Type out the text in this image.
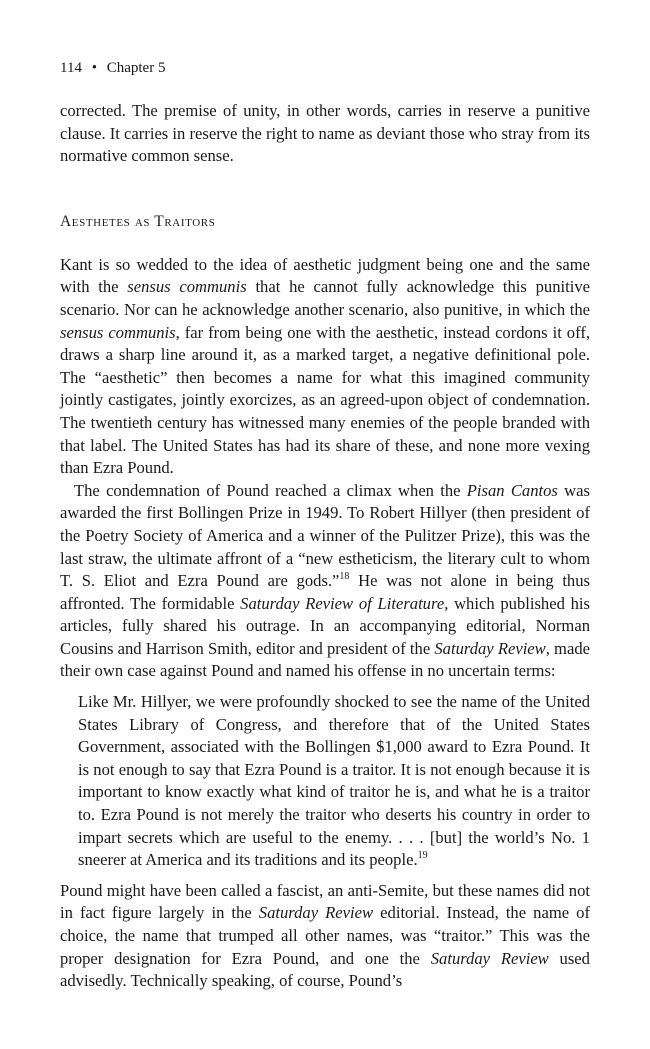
114 • Chapter 5

corrected. The premise of unity, in other words, carries in reserve a punitive clause. It carries in reserve the right to name as deviant those who stray from its normative common sense.

Aesthetes as Traitors

Kant is so wedded to the idea of aesthetic judgment being one and the same with the sensus communis that he cannot fully acknowledge this punitive scenario. Nor can he acknowledge another scenario, also punitive, in which the sensus communis, far from being one with the aesthetic, instead cordons it off, draws a sharp line around it, as a marked target, a negative definitional pole. The “aesthetic” then becomes a name for what this imagined community jointly castigates, jointly exorcizes, as an agreed-upon object of condemnation. The twentieth century has witnessed many enemies of the people branded with that label. The United States has had its share of these, and none more vexing than Ezra Pound.

The condemnation of Pound reached a climax when the Pisan Cantos was awarded the first Bollingen Prize in 1949. To Robert Hillyer (then president of the Poetry Society of America and a winner of the Pulitzer Prize), this was the last straw, the ultimate affront of a “new estheticism, the literary cult to whom T. S. Eliot and Ezra Pound are gods.”$^{18}$ He was not alone in being thus affronted. The formidable Saturday Review of Literature, which published his articles, fully shared his outrage. In an accompanying editorial, Norman Cousins and Harrison Smith, editor and president of the Saturday Review, made their own case against Pound and named his offense in no uncertain terms:

Like Mr. Hillyer, we were profoundly shocked to see the name of the United States Library of Congress, and therefore that of the United States Government, associated with the Bollingen $1,000 award to Ezra Pound. It is not enough to say that Ezra Pound is a traitor. It is not enough because it is important to know exactly what kind of traitor he is, and what he is a traitor to. Ezra Pound is not merely the traitor who deserts his country in order to impart secrets which are useful to the enemy. . . . [but] the world’s No. 1 sneerer at America and its traditions and its people.$^{19}$

Pound might have been called a fascist, an anti-Semite, but these names did not in fact figure largely in the Saturday Review editorial. Instead, the name of choice, the name that trumped all other names, was “traitor.” This was the proper designation for Ezra Pound, and one the Saturday Review used advisedly. Technically speaking, of course, Pound’s
